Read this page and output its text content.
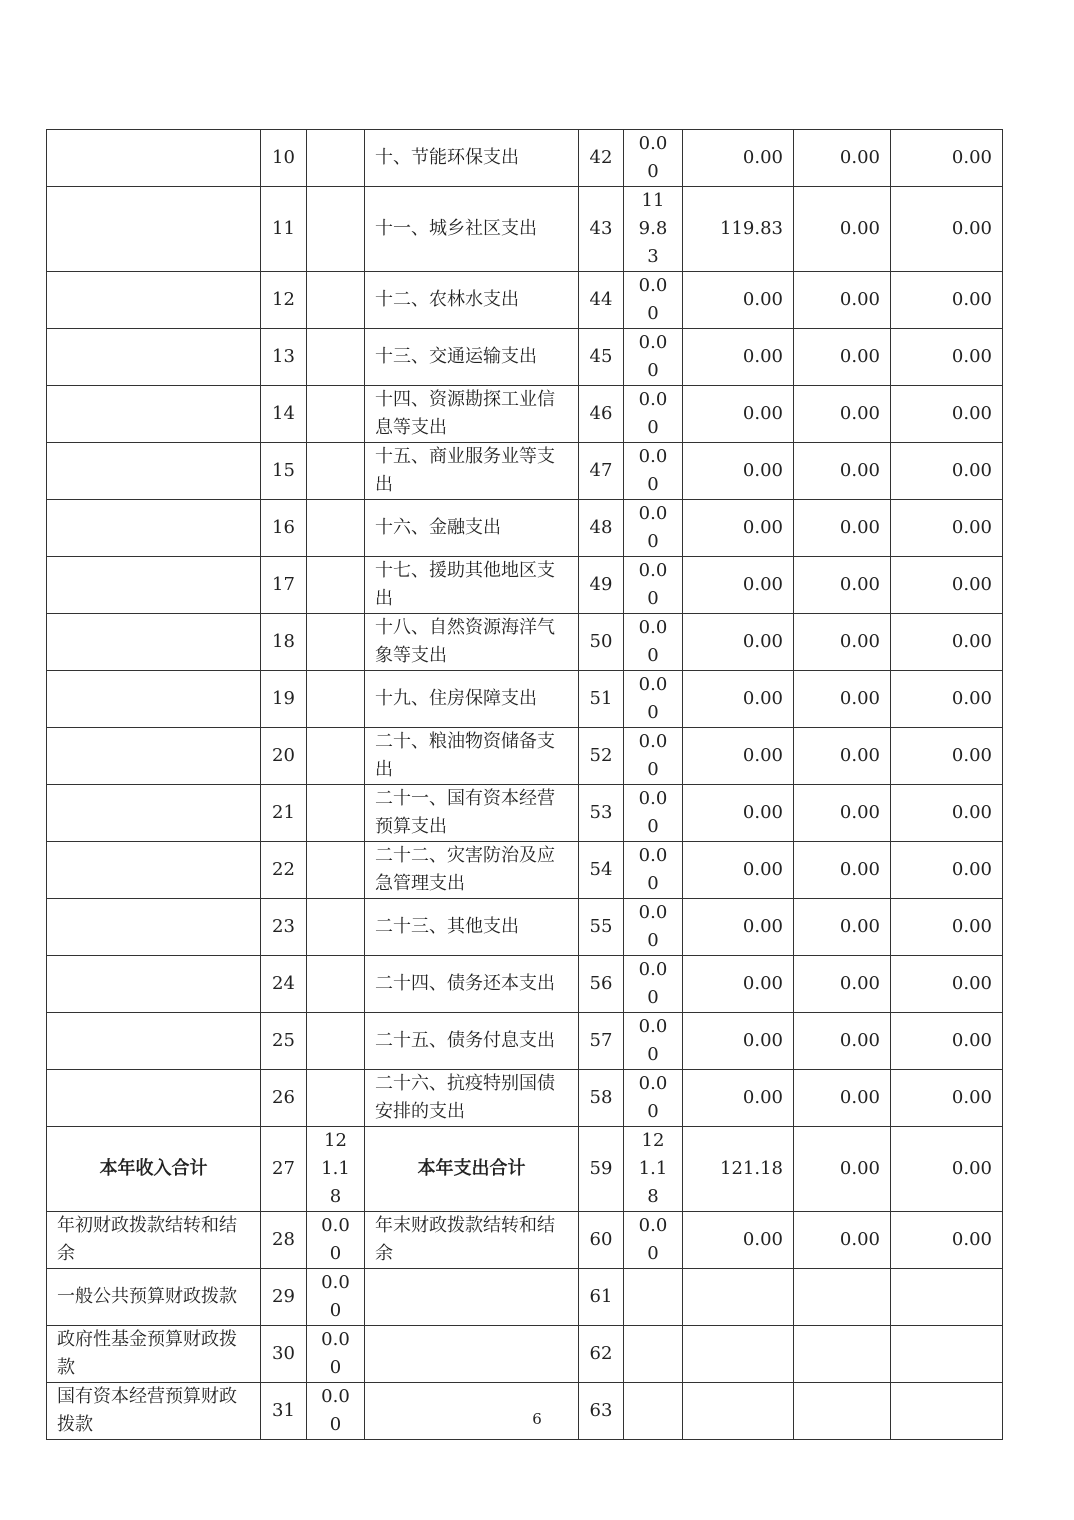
	10		十、节能环保支出	42	0.00	0.00	0.00	0.00
	11		十一、城乡社区支出	43	119.83	119.83	0.00	0.00
	12		十二、农林水支出	44	0.00	0.00	0.00	0.00
	13		十三、交通运输支出	45	0.00	0.00	0.00	0.00
	14		十四、资源勘探工业信息等支出	46	0.00	0.00	0.00	0.00
	15		十五、商业服务业等支出	47	0.00	0.00	0.00	0.00
	16		十六、金融支出	48	0.00	0.00	0.00	0.00
	17		十七、援助其他地区支出	49	0.00	0.00	0.00	0.00
	18		十八、自然资源海洋气象等支出	50	0.00	0.00	0.00	0.00
	19		十九、住房保障支出	51	0.00	0.00	0.00	0.00
	20		二十、粮油物资储备支出	52	0.00	0.00	0.00	0.00
	21		二十一、国有资本经营预算支出	53	0.00	0.00	0.00	0.00
	22		二十二、灾害防治及应急管理支出	54	0.00	0.00	0.00	0.00
	23		二十三、其他支出	55	0.00	0.00	0.00	0.00
	24		二十四、债务还本支出	56	0.00	0.00	0.00	0.00
	25		二十五、债务付息支出	57	0.00	0.00	0.00	0.00
	26		二十六、抗疫特别国债安排的支出	58	0.00	0.00	0.00	0.00
本年收入合计	27	121.18	本年支出合计	59	121.18	121.18	0.00	0.00
年初财政拨款结转和结余	28	0.00	年末财政拨款结转和结余	60	0.00	0.00	0.00	0.00
一般公共预算财政拨款	29	0.00		61				
政府性基金预算财政拨款	30	0.00		62				
国有资本经营预算财政拨款	31	0.00		63				
6
